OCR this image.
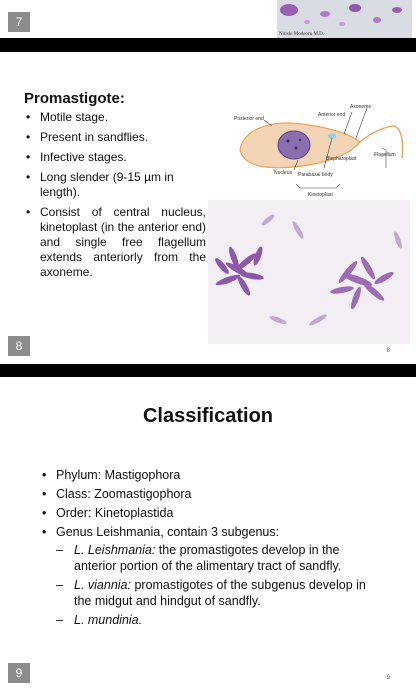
7
Nitishi Modeoru M.D.
Promastigote:
• Motile stage.
• Present in sandflies.
• Infective stages.
• Long slender (9-15 µm in length).
• Consist of central nucleus, kinetoplast (in the anterior end) and single free flagellum extends anteriorly from the axoneme.
Axoneme
Anterior end
Posterior end
Blepharoplast
Flagellum
Nucleus Parabasal body
Kinetoplast
8	8
Classification
• Phylum: Mastigophora
• Class: Zoomastigophora
• Order: Kinetoplastida
• Genus Leishmania, contain 3 subgenus:
– L. Leishmania: the promastigotes develop in the anterior portion of the alimentary tract of sandfly.
– L. viannia: promastigotes of the subgenus develop in the midgut and hindgut of sandfly.
– L. mundinia.
9	9
